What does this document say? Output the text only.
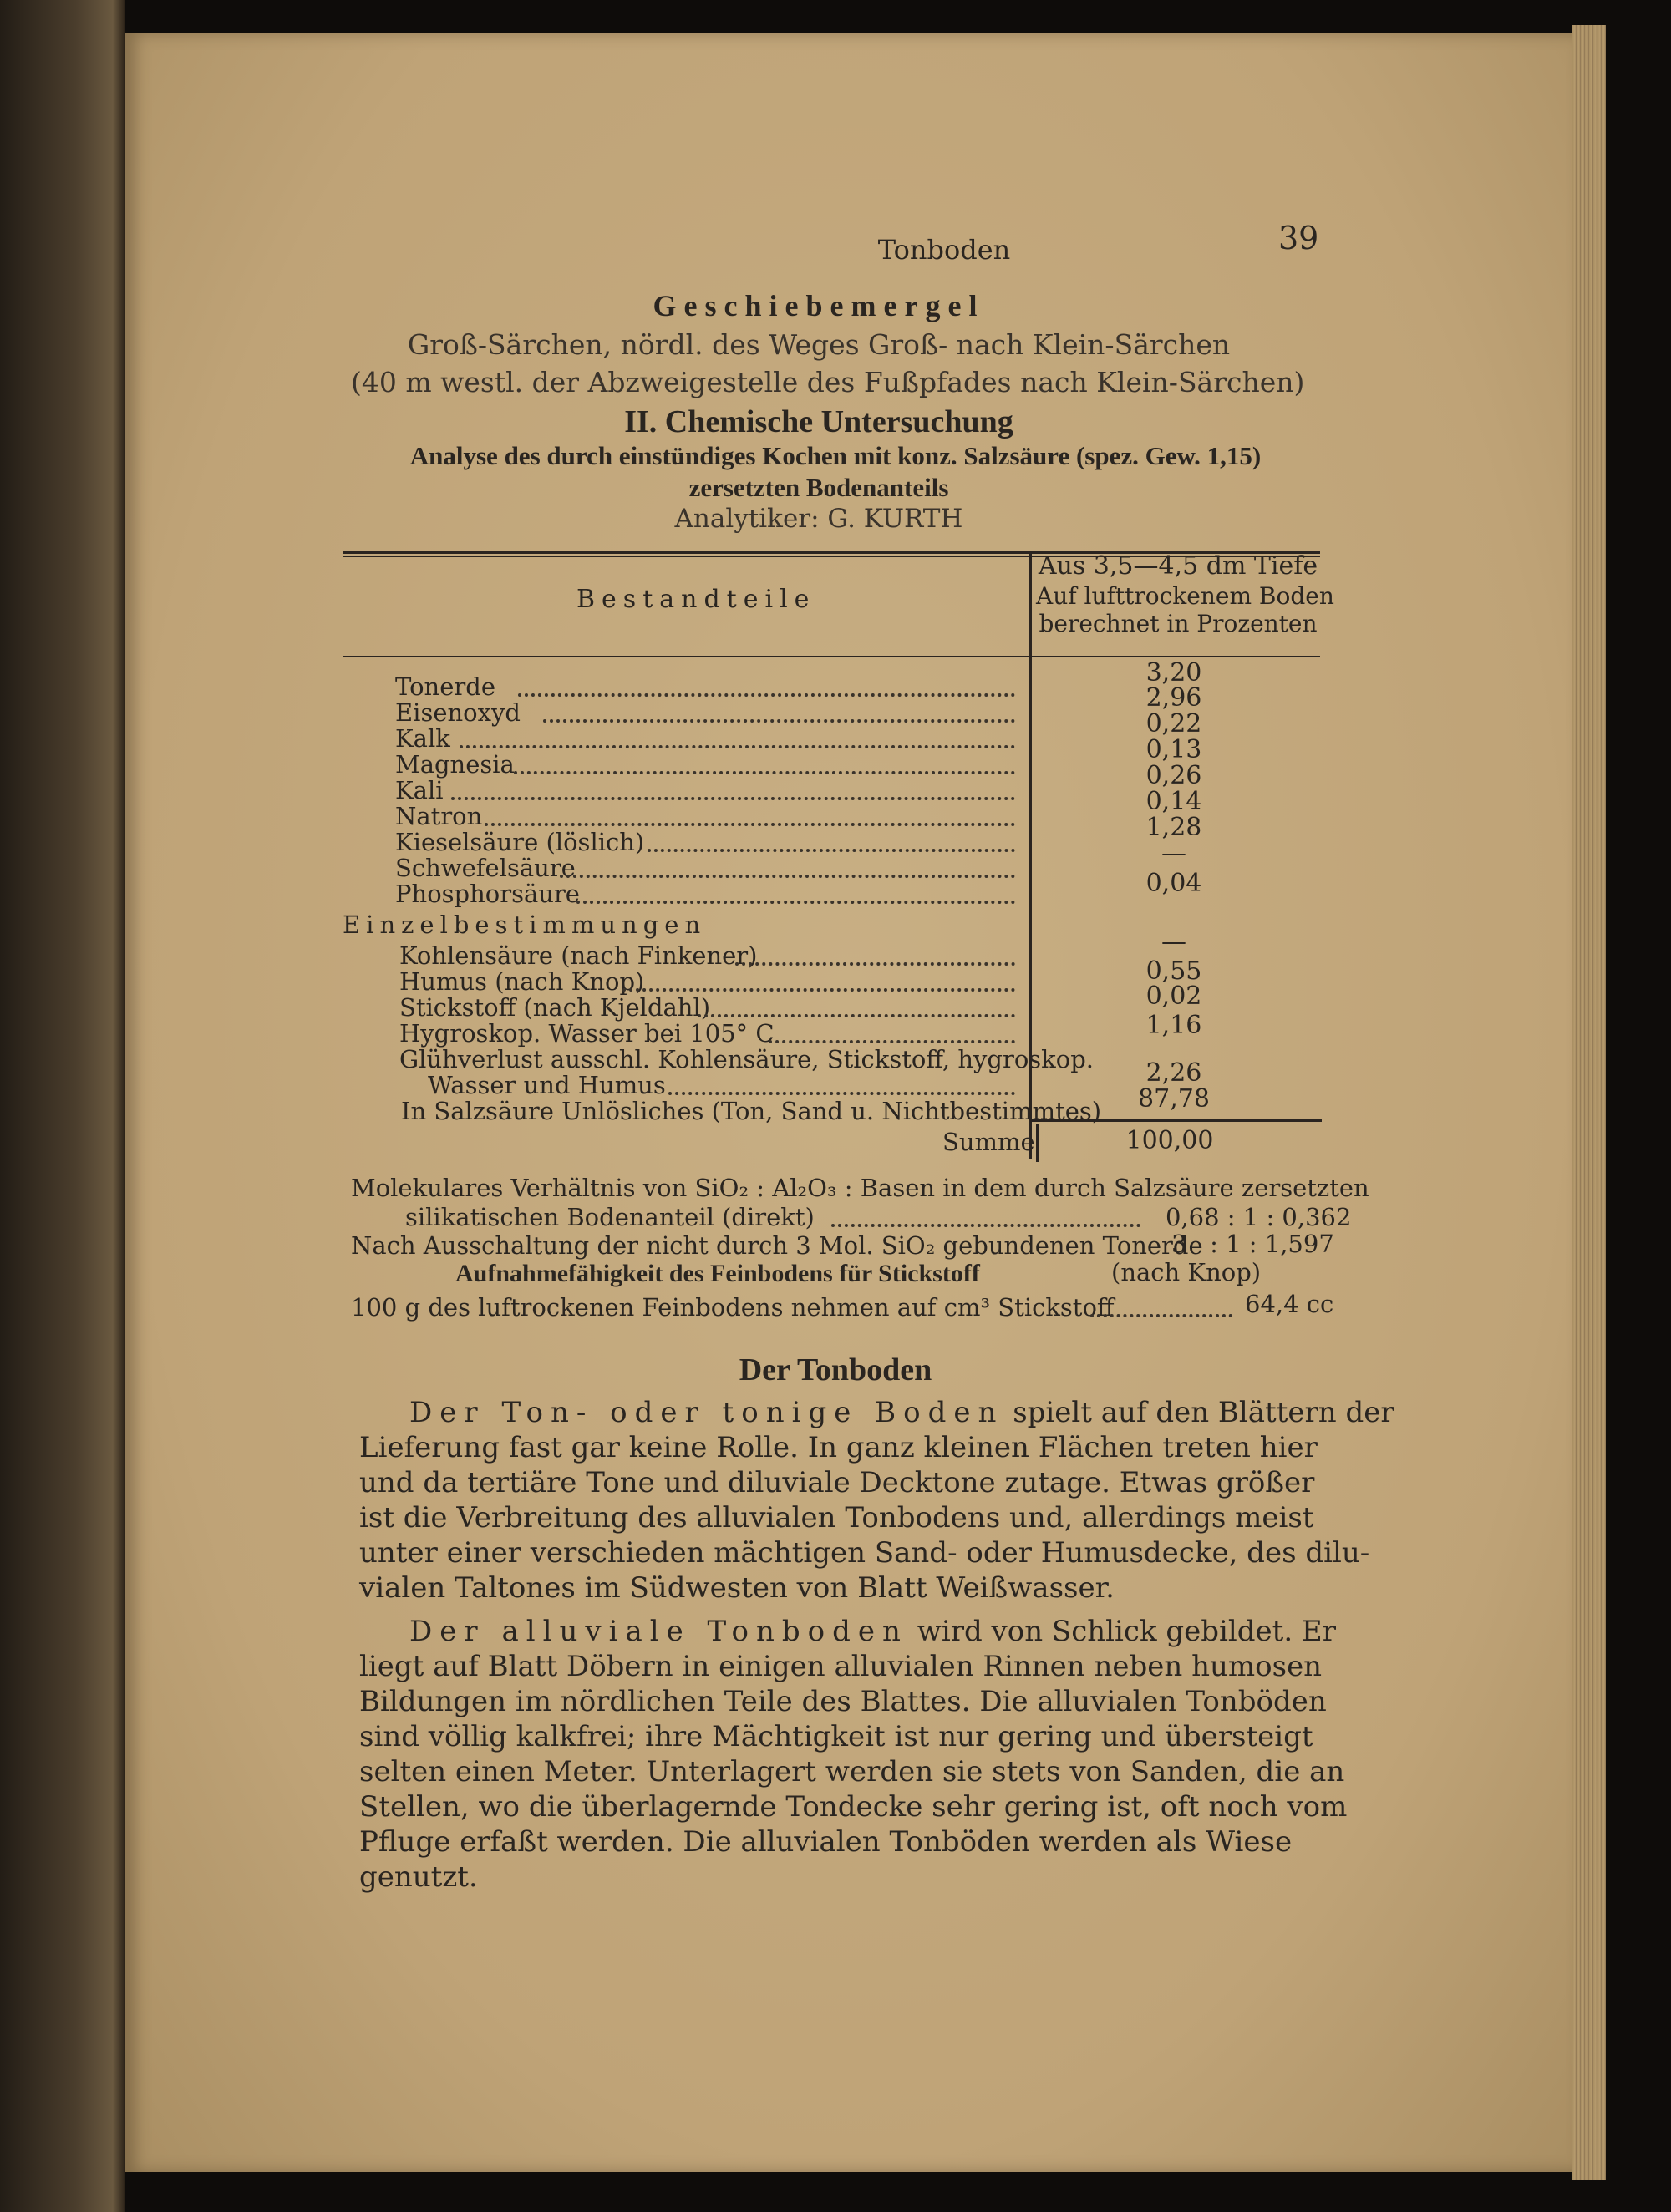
Tonboden	39
Geschiebemergel
Groß-Särchen, nördl. des Weges Groß- nach Klein-Särchen
(40 m westl. der Abzweigestelle des Fußpfades nach Klein-Särchen)
II. Chemische Untersuchung
Analyse des durch einstündiges Kochen mit konz. Salzsäure (spez. Gew. 1,15)
zersetzten Bodenanteils
Analytiker: G. KURTH
Bestandteile
Aus 3,5—4,5 dm Tiefe
Auf lufttrockenem Boden
berechnet in Prozenten
Tonerde	3,20
Eisenoxyd	2,96
Kalk	0,22
Magnesia	0,13
Kali	0,26
Natron	0,14
Kieselsäure (löslich)	1,28
Schwefelsäure	—
Phosphorsäure	0,04
Einzelbestimmungen
Kohlensäure (nach Finkener)	—
Humus (nach Knop)	0,55
Stickstoff (nach Kjeldahl)	0,02
Hygroskop. Wasser bei 105° C	1,16
Glühverlust ausschl. Kohlensäure, Stickstoff, hygroskop.
Wasser und Humus	2,26
In Salzsäure Unlösliches (Ton, Sand u. Nichtbestimmtes)	87,78
Summe	100,00
Molekulares Verhältnis von SiO₂ : Al₂O₃ : Basen in dem durch Salzsäure zersetzten
silikatischen Bodenanteil (direkt)	0,68 : 1 : 0,362
Nach Ausschaltung der nicht durch 3 Mol. SiO₂ gebundenen Tonerde
3   : 1 : 1,597
Aufnahmefähigkeit des Feinbodens für Stickstoff	(nach Knop)
100 g des luftrockenen Feinbodens nehmen auf cm³ Stickstoff	64,4 cc
Der Tonboden
Der Ton- oder tonige Boden spielt auf den Blättern der
Lieferung fast gar keine Rolle. In ganz kleinen Flächen treten hier
und da tertiäre Tone und diluviale Decktone zutage. Etwas größer
ist die Verbreitung des alluvialen Tonbodens und, allerdings meist
unter einer verschieden mächtigen Sand- oder Humusdecke, des dilu-
vialen Taltones im Südwesten von Blatt Weißwasser.
Der alluviale Tonboden wird von Schlick gebildet. Er
liegt auf Blatt Döbern in einigen alluvialen Rinnen neben humosen
Bildungen im nördlichen Teile des Blattes. Die alluvialen Tonböden
sind völlig kalkfrei; ihre Mächtigkeit ist nur gering und übersteigt
selten einen Meter. Unterlagert werden sie stets von Sanden, die an
Stellen, wo die überlagernde Tondecke sehr gering ist, oft noch vom
Pfluge erfaßt werden. Die alluvialen Tonböden werden als Wiese
genutzt.
